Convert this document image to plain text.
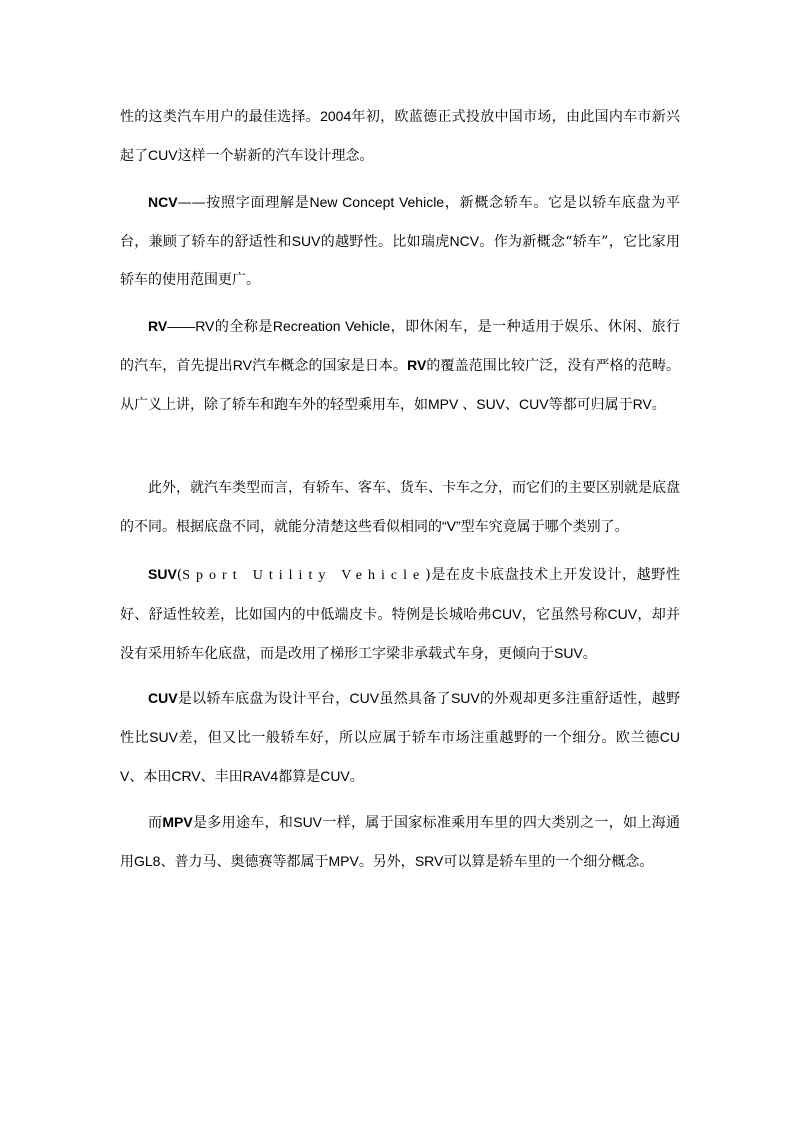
性的这类汽车用户的最佳选择。2004年初，欧蓝德正式投放中国市场，由此国内车市新兴起了CUV这样一个崭新的汽车设计理念。

NCV——按照字面理解是New Concept Vehicle，新概念轿车。它是以轿车底盘为平台，兼顾了轿车的舒适性和SUV的越野性。比如瑞虎NCV。作为新概念“轿车”，它比家用轿车的使用范围更广。

RV——RV的全称是Recreation Vehicle，即休闲车，是一种适用于娱乐、休闲、旅行的汽车，首先提出RV汽车概念的国家是日本。RV的覆盖范围比较广泛，没有严格的范畴。从广义上讲，除了轿车和跑车外的轻型乘用车，如MPV 、SUV、CUV等都可归属于RV。

此外，就汽车类型而言，有轿车、客车、货车、卡车之分，而它们的主要区别就是底盘的不同。根据底盘不同，就能分清楚这些看似相同的“V”型车究竟属于哪个类别了。

SUV(Sport Utility Vehicle)是在皮卡底盘技术上开发设计，越野性好、舒适性较差，比如国内的中低端皮卡。特例是长城哈弗CUV，它虽然号称CUV，却并没有采用轿车化底盘，而是改用了梯形工字梁非承载式车身，更倾向于SUV。

CUV是以轿车底盘为设计平台，CUV虽然具备了SUV的外观却更多注重舒适性，越野性比SUV差，但又比一般轿车好，所以应属于轿车市场注重越野的一个细分。欧兰德CUV、本田CRV、丰田RAV4都算是CUV。

而MPV是多用途车，和SUV一样，属于国家标准乘用车里的四大类别之一，如上海通用GL8、普力马、奥德赛等都属于MPV。另外，SRV可以算是轿车里的一个细分概念。
